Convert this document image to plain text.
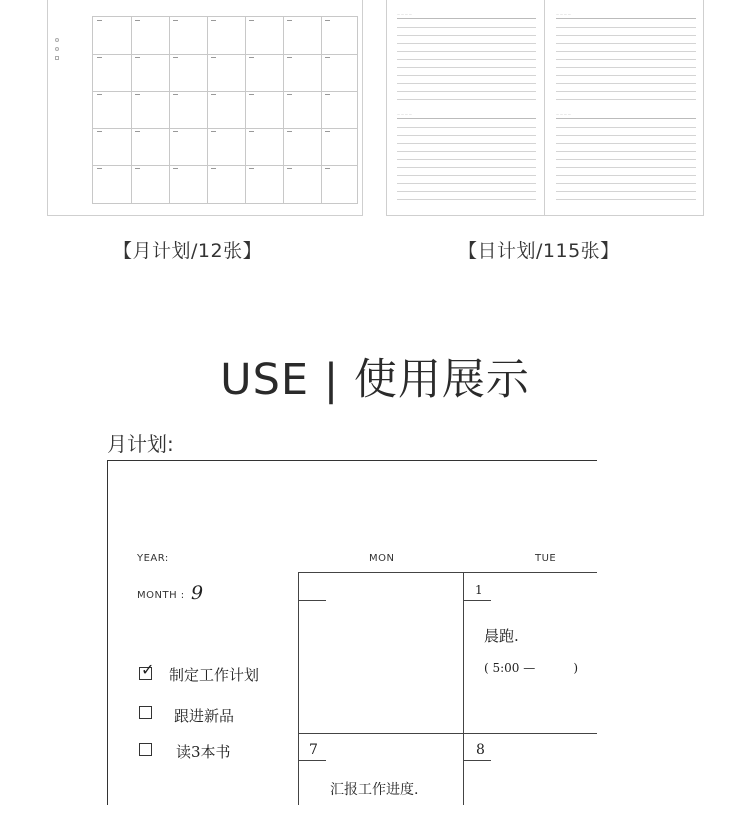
— — — —
— — — —
— — — —
— — — —
【月计划/12张】	【日计划/115张】
USE | 使用展示
月计划:
YEAR:
MONTH : 9
MON	TUE
✓ 制定工作计划
跟进新品
读3本书
1
晨跑.
( 5:00 —          )
7
汇报工作进度.
8
